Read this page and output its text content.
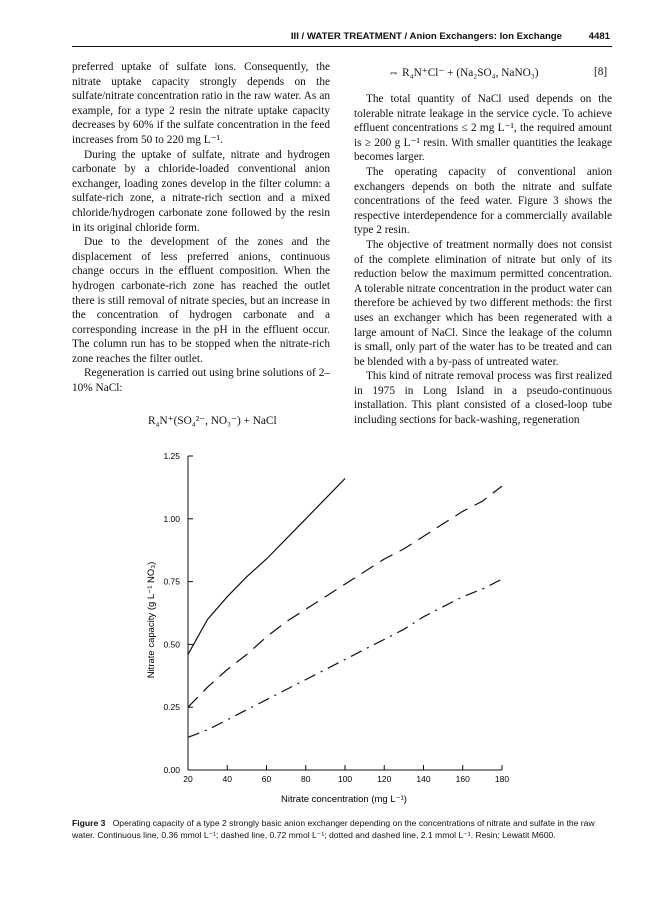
III / WATER TREATMENT / Anion Exchangers: Ion Exchange	4481

preferred uptake of sulfate ions. Consequently, the nitrate uptake capacity strongly depends on the sulfate/nitrate concentration ratio in the raw water. As an example, for a type 2 resin the nitrate uptake capacity decreases by 60% if the sulfate concentration in the feed increases from 50 to 220 mg L⁻¹.

During the uptake of sulfate, nitrate and hydrogen carbonate by a chloride-loaded conventional anion exchanger, loading zones develop in the filter column: a sulfate-rich zone, a nitrate-rich section and a mixed chloride/hydrogen carbonate zone followed by the resin in its original chloride form.

Due to the development of the zones and the displacement of less preferred anions, continuous change occurs in the effluent composition. When the hydrogen carbonate-rich zone has reached the outlet there is still removal of nitrate species, but an increase in the concentration of hydrogen carbonate and a corresponding increase in the pH in the effluent occur. The column run has to be stopped when the nitrate-rich zone reaches the filter outlet.

Regeneration is carried out using brine solutions of 2–10% NaCl:

R₄N⁺(SO₄²⁻, NO₃⁻) + NaCl
⇔ R₄N⁺Cl⁻ + (Na₂SO₄, NaNO₃)	[8]

The total quantity of NaCl used depends on the tolerable nitrate leakage in the service cycle. To achieve effluent concentrations ≤ 2 mg L⁻¹, the required amount is ≥ 200 g L⁻¹ resin. With smaller quantities the leakage becomes larger.

The operating capacity of conventional anion exchangers depends on both the nitrate and sulfate concentrations of the feed water. Figure 3 shows the respective interdependence for a commercially available type 2 resin.

The objective of treatment normally does not consist of the complete elimination of nitrate but only of its reduction below the maximum permitted concentration. A tolerable nitrate concentration in the product water can therefore be achieved by two different methods: the first uses an exchanger which has been regenerated with a large amount of NaCl. Since the leakage of the column is small, only part of the water has to be treated and can be blended with a by-pass of untreated water.

This kind of nitrate removal process was first realized in 1975 in Long Island in a pseudo-continuous installation. This plant consisted of a closed-loop tube including sections for back-washing, regeneration

Nitrate capacity (g L⁻¹ NO₃)
Nitrate concentration (mg L⁻¹)
0.00
0.25
0.50
0.75
1.00
1.25
20	40	60	80	100	120	140	160	180
Figure 3 Operating capacity of a type 2 strongly basic anion exchanger depending on the concentrations of nitrate and sulfate in the raw water. Continuous line, 0.36 mmol L⁻¹; dashed line, 0.72 mmol L⁻¹; dotted and dashed line, 2.1 mmol L⁻¹. Resin: Lewatit M600.
